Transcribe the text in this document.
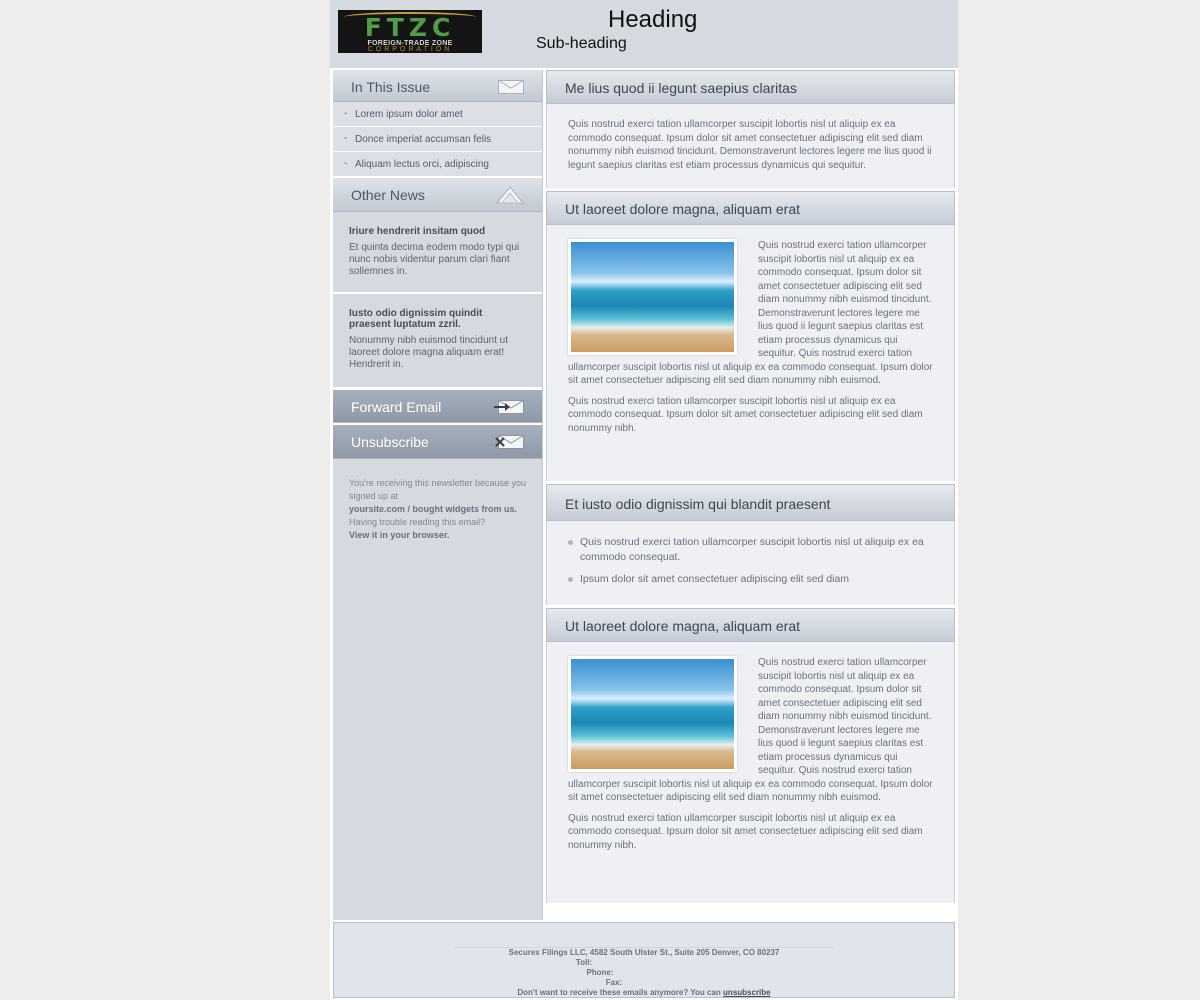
FTZC
FOREIGN-TRADE ZONE
CORPORATION
Heading
Sub-heading
In This Issue
- Lorem ipsum dolor amet
- Donce imperiat accumsan felis
- Aliquam lectus orci, adipiscing
Other News
Iriure hendrerit insitam quod
Et quinta decima eodem modo typi qui nunc nobis videntur parum clari fiant sollemnes in.
Iusto odio dignissim quindit praesent luptatum zzril.
Nonummy nibh euismod tincidunt ut laoreet dolore magna aliquam erat! Hendrerit in.
Forward Email
Unsubscribe
You're receiving this newsletter because you signed up at
yoursite.com / bought widgets from us.
Having trouble reading this email?
View it in your browser.
Me lius quod ii legunt saepius claritas

Quis nostrud exerci tation ullamcorper suscipit lobortis nisl ut aliquip ex ea commodo consequat. Ipsum dolor sit amet consectetuer adipiscing elit sed diam nonummy nibh euismod tincidunt. Demonstraverunt lectores legere me lius quod ii legunt saepius claritas est etiam processus dynamicus qui sequitur.

Ut laoreet dolore magna, aliquam erat

Quis nostrud exerci tation ullamcorper suscipit lobortis nisl ut aliquip ex ea commodo consequat. Ipsum dolor sit amet consectetuer adipiscing elit sed diam nonummy nibh euismod tincidunt. Demonstraverunt lectores legere me lius quod ii legunt saepius claritas est etiam processus dynamicus qui sequitur. Quis nostrud exerci tation ullamcorper suscipit lobortis nisl ut aliquip ex ea commodo consequat. Ipsum dolor sit amet consectetuer adipiscing elit sed diam nonummy nibh euismod.

Quis nostrud exerci tation ullamcorper suscipit lobortis nisl ut aliquip ex ea commodo consequat. Ipsum dolor sit amet consectetuer adipiscing elit sed diam nonummy nibh.

Et iusto odio dignissim qui blandit praesent
Quis nostrud exerci tation ullamcorper suscipit lobortis nisl ut aliquip ex ea commodo consequat.
Ipsum dolor sit amet consectetuer adipiscing elit sed diam
Ut laoreet dolore magna, aliquam erat

Quis nostrud exerci tation ullamcorper suscipit lobortis nisl ut aliquip ex ea commodo consequat. Ipsum dolor sit amet consectetuer adipiscing elit sed diam nonummy nibh euismod tincidunt. Demonstraverunt lectores legere me lius quod ii legunt saepius claritas est etiam processus dynamicus qui sequitur. Quis nostrud exerci tation ullamcorper suscipit lobortis nisl ut aliquip ex ea commodo consequat. Ipsum dolor sit amet consectetuer adipiscing elit sed diam nonummy nibh euismod.

Quis nostrud exerci tation ullamcorper suscipit lobortis nisl ut aliquip ex ea commodo consequat. Ipsum dolor sit amet consectetuer adipiscing elit sed diam nonummy nibh.

Securex Filings LLC, 4582 South Ulster St., Suite 205 Denver, CO 80237
Toll:
Phone:
Fax:
Don't want to receive these emails anymore? You can unsubscribe
